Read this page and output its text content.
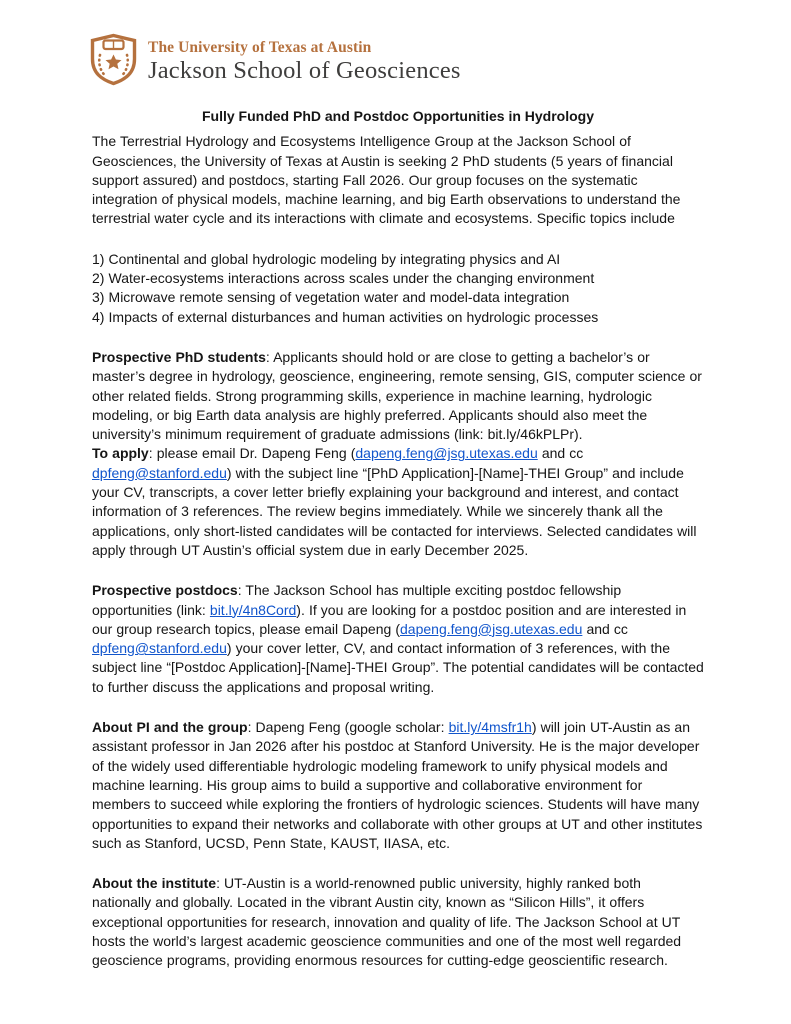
The University of Texas at Austin
Jackson School of Geosciences
Fully Funded PhD and Postdoc Opportunities in Hydrology

The Terrestrial Hydrology and Ecosystems Intelligence Group at the Jackson School of Geosciences, the University of Texas at Austin is seeking 2 PhD students (5 years of financial support assured) and postdocs, starting Fall 2026. Our group focuses on the systematic integration of physical models, machine learning, and big Earth observations to understand the terrestrial water cycle and its interactions with climate and ecosystems. Specific topics include

1) Continental and global hydrologic modeling by integrating physics and AI
2) Water-ecosystems interactions across scales under the changing environment
3) Microwave remote sensing of vegetation water and model-data integration
4) Impacts of external disturbances and human activities on hydrologic processes

Prospective PhD students: Applicants should hold or are close to getting a bachelor’s or master’s degree in hydrology, geoscience, engineering, remote sensing, GIS, computer science or other related fields. Strong programming skills, experience in machine learning, hydrologic modeling, or big Earth data analysis are highly preferred. Applicants should also meet the university’s minimum requirement of graduate admissions (link: bit.ly/46kPLPr).
To apply: please email Dr. Dapeng Feng (dapeng.feng@jsg.utexas.edu and cc dpfeng@stanford.edu) with the subject line “[PhD Application]-[Name]-THEI Group” and include your CV, transcripts, a cover letter briefly explaining your background and interest, and contact information of 3 references. The review begins immediately. While we sincerely thank all the applications, only short-listed candidates will be contacted for interviews. Selected candidates will apply through UT Austin’s official system due in early December 2025.

Prospective postdocs: The Jackson School has multiple exciting postdoc fellowship opportunities (link: bit.ly/4n8Cord). If you are looking for a postdoc position and are interested in our group research topics, please email Dapeng (dapeng.feng@jsg.utexas.edu and cc dpfeng@stanford.edu) your cover letter, CV, and contact information of 3 references, with the subject line “[Postdoc Application]-[Name]-THEI Group”. The potential candidates will be contacted to further discuss the applications and proposal writing.

About PI and the group: Dapeng Feng (google scholar: bit.ly/4msfr1h) will join UT-Austin as an assistant professor in Jan 2026 after his postdoc at Stanford University. He is the major developer of the widely used differentiable hydrologic modeling framework to unify physical models and machine learning. His group aims to build a supportive and collaborative environment for members to succeed while exploring the frontiers of hydrologic sciences. Students will have many opportunities to expand their networks and collaborate with other groups at UT and other institutes such as Stanford, UCSD, Penn State, KAUST, IIASA, etc.

About the institute: UT-Austin is a world-renowned public university, highly ranked both nationally and globally. Located in the vibrant Austin city, known as “Silicon Hills”, it offers exceptional opportunities for research, innovation and quality of life. The Jackson School at UT hosts the world’s largest academic geoscience communities and one of the most well regarded geoscience programs, providing enormous resources for cutting-edge geoscientific research.
